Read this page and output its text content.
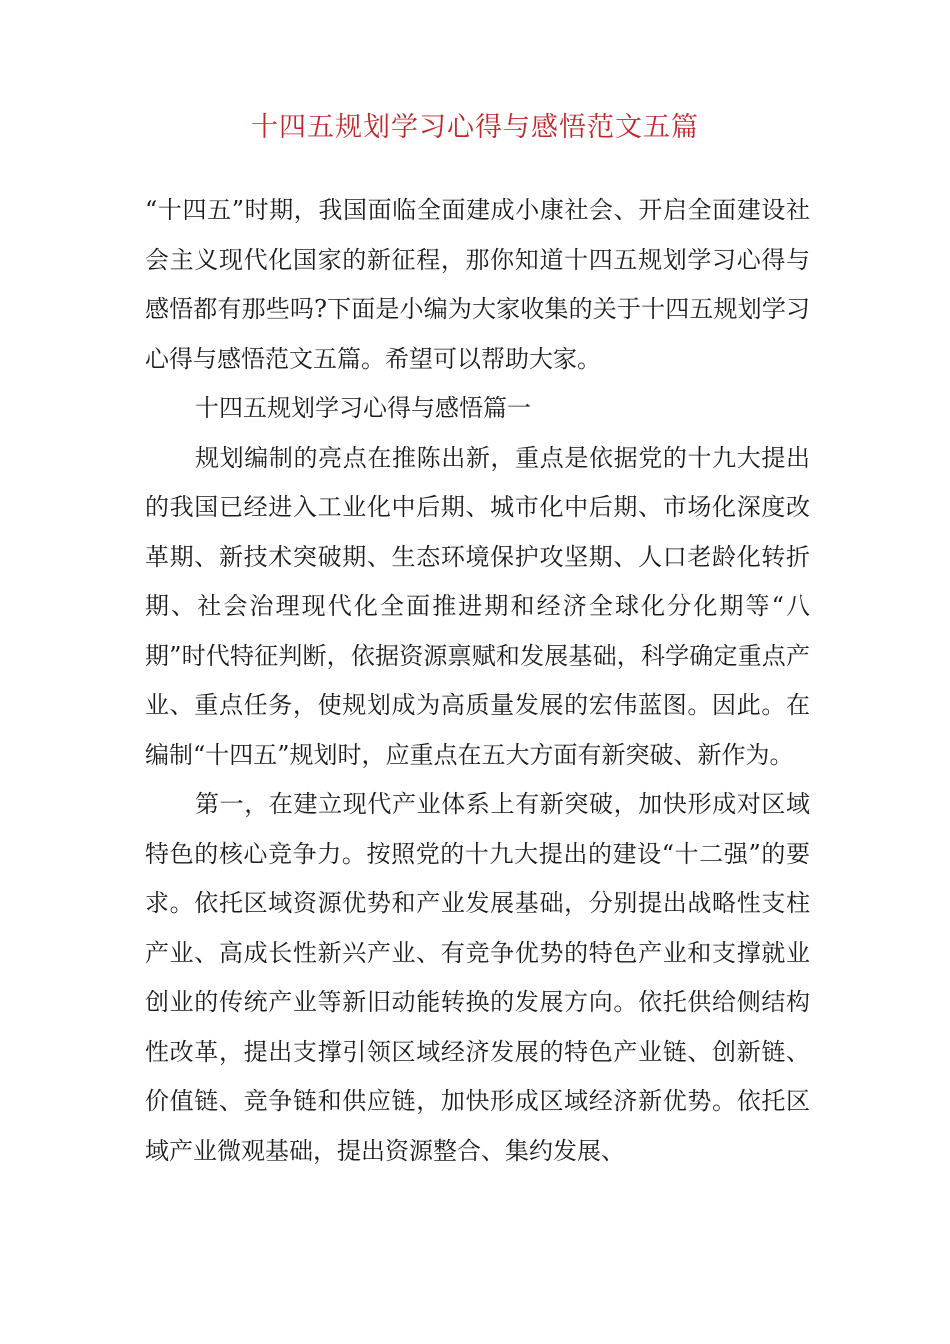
十四五规划学习心得与感悟范文五篇

“十四五”时期，我国面临全面建成小康社会、开启全面建设社会主义现代化国家的新征程，那你知道十四五规划学习心得与感悟都有那些吗?下面是小编为大家收集的关于十四五规划学习心得与感悟范文五篇。希望可以帮助大家。

十四五规划学习心得与感悟篇一

规划编制的亮点在推陈出新，重点是依据党的十九大提出的我国已经进入工业化中后期、城市化中后期、市场化深度改革期、新技术突破期、生态环境保护攻坚期、人口老龄化转折期、社会治理现代化全面推进期和经济全球化分化期等“八期”时代特征判断，依据资源禀赋和发展基础，科学确定重点产业、重点任务，使规划成为高质量发展的宏伟蓝图。因此。在编制“十四五”规划时，应重点在五大方面有新突破、新作为。

第一，在建立现代产业体系上有新突破，加快形成对区域特色的核心竞争力。按照党的十九大提出的建设“十二强”的要求。依托区域资源优势和产业发展基础，分别提出战略性支柱产业、高成长性新兴产业、有竞争优势的特色产业和支撑就业创业的传统产业等新旧动能转换的发展方向。依托供给侧结构性改革，提出支撑引领区域经济发展的特色产业链、创新链、价值链、竞争链和供应链，加快形成区域经济新优势。依托区域产业微观基础，提出资源整合、集约发展、
